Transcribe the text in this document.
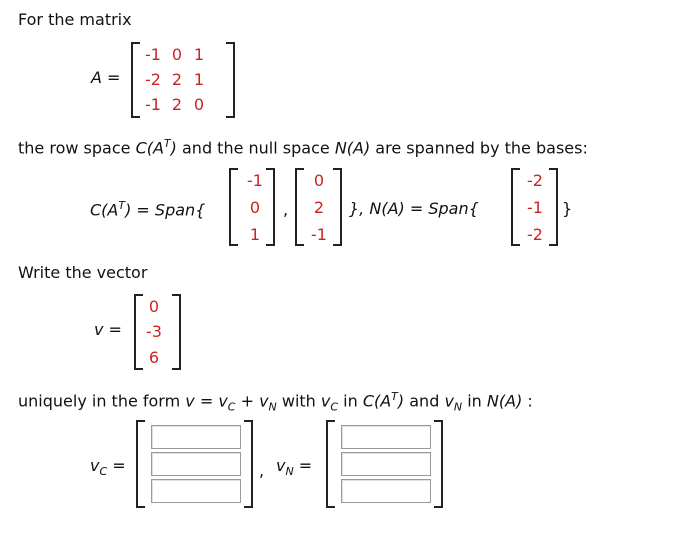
For the matrix
A =
-1 0 1
-2 2 1
-1 2 0
the row space $C(A^T)$ and the null space N(A) are spanned by the bases:
$C(A^T)$ = Span{
-1
0
1
,
0
2
-1
}, N(A) = Span{
-2
-1
-2
}
Write the vector
v =
0
-3
6
uniquely in the form $v = v_C + v_N$ with $v_C$ in $C(A^T)$ and $v_N$ in N(A) :
$v_C$ =	, $v_N$ =
